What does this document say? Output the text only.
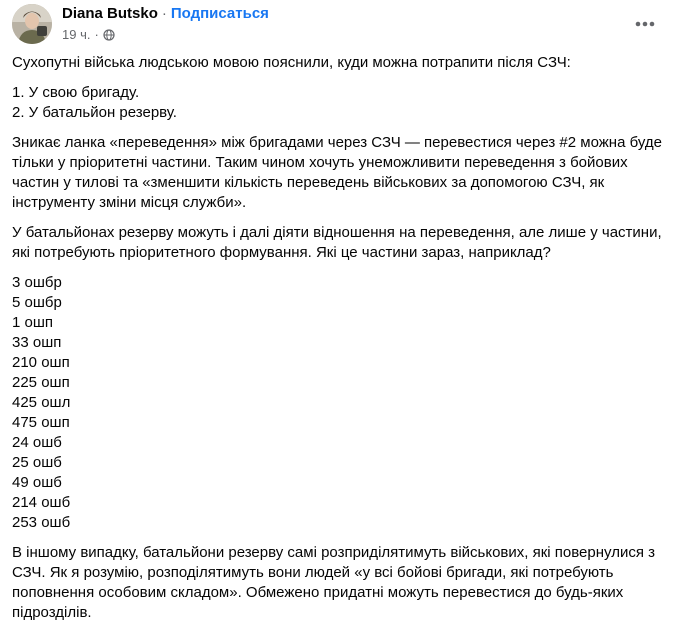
Diana Butsko · Подписаться
19 ч. ·

Сухопутні війська людською мовою пояснили, куди можна потрапити після СЗЧ:

1. У свою бригаду.
2. У батальйон резерву.

Зникає ланка «переведення» між бригадами через СЗЧ — перевестися через #2 можна буде
тільки у пріоритетні частини. Таким чином хочуть унеможливити переведення з бойових
частин у тилові та «зменшити кількість переведень військових за допомогою СЗЧ, як
інструменту зміни місця служби».

У батальйонах резерву можуть і далі діяти відношення на переведення, але лише у частини,
які потребують пріоритетного формування. Які це частини зараз, наприклад?

3 ошбр
5 ошбр
1 ошп
33 ошп
210 ошп
225 ошп
425 ошл
475 ошп
24 ошб
25 ошб
49 ошб
214 ошб
253 ошб

В іншому випадку, батальйони резерву самі розприділятимуть військових, які повернулися з
СЗЧ. Як я розумію, розподілятимуть вони людей «у всі бойові бригади, які потребують
поповнення особовим складом». Обмежено придатні можуть перевестися до будь-яких
підрозділів.
